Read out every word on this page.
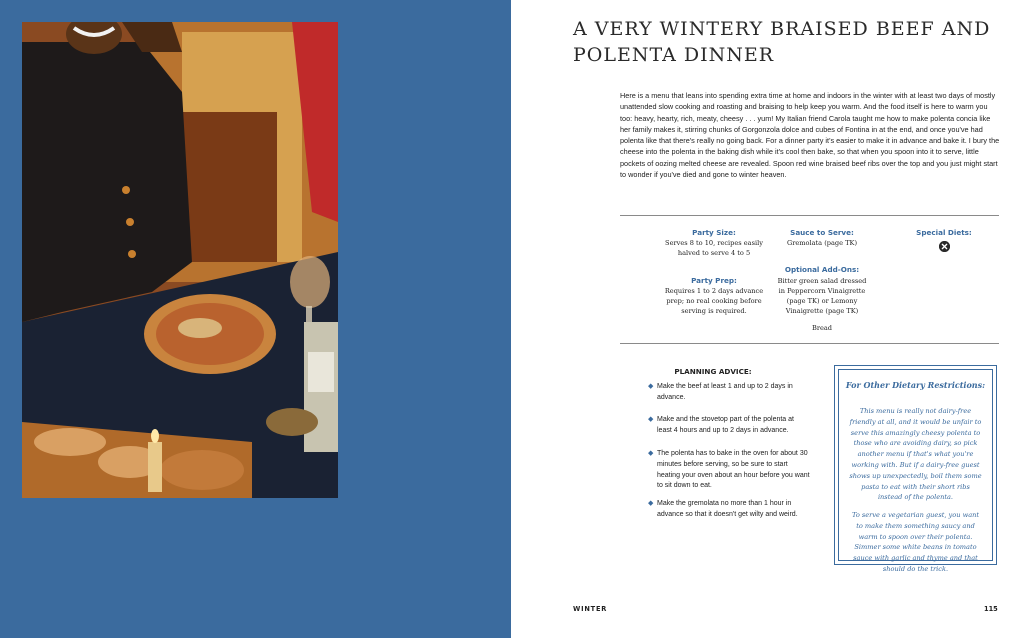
A VERY WINTERY BRAISED BEEF AND POLENTA DINNER

Here is a menu that leans into spending extra time at home and indoors in the winter with at least two days of mostly unattended slow cooking and roasting and braising to help keep you warm. And the food itself is here to warm you too: heavy, hearty, rich, meaty, cheesy . . . yum! My Italian friend Carola taught me how to make polenta concia like her family makes it, stirring chunks of Gorgonzola dolce and cubes of Fontina in at the end, and once you've had polenta like that there's really no going back. For a dinner party it's easier to make it in advance and bake it. I bury the cheese into the polenta in the baking dish while it's cool then bake, so that when you spoon into it to serve, little pockets of oozing melted cheese are revealed. Spoon red wine braised beef ribs over the top and you just might start to wonder if you've died and gone to winter heaven.

Party Size:
Serves 8 to 10, recipes easily halved to serve 4 to 5
Party Prep:
Requires 1 to 2 days advance prep; no real cooking before serving is required.
Sauce to Serve:
Gremolata (page TK)
Optional Add-Ons:
Bitter green salad dressed in Peppercorn Vinaigrette (page TK) or Lemony Vinaigrette (page TK)
Bread
Special Diets:
PLANNING ADVICE:
◆ Make the beef at least 1 and up to 2 days in advance.
◆ Make and the stovetop part of the polenta at least 4 hours and up to 2 days in advance.
◆ The polenta has to bake in the oven for about 30 minutes before serving, so be sure to start heating your oven about an hour before you want to sit down to eat.
◆ Make the gremolata no more than 1 hour in advance so that it doesn't get wilty and weird.
For Other Dietary Restrictions:

This menu is really not dairy-free friendly at all, and it would be unfair to serve this amazingly cheesy polenta to those who are avoiding dairy, so pick another menu if that's what you're working with. But if a dairy-free guest shows up unexpectedly, boil them some pasta to eat with their short ribs instead of the polenta.

To serve a vegetarian guest, you want to make them something saucy and warm to spoon over their polenta. Simmer some white beans in tomato sauce with garlic and thyme and that should do the trick.

WINTER	115
